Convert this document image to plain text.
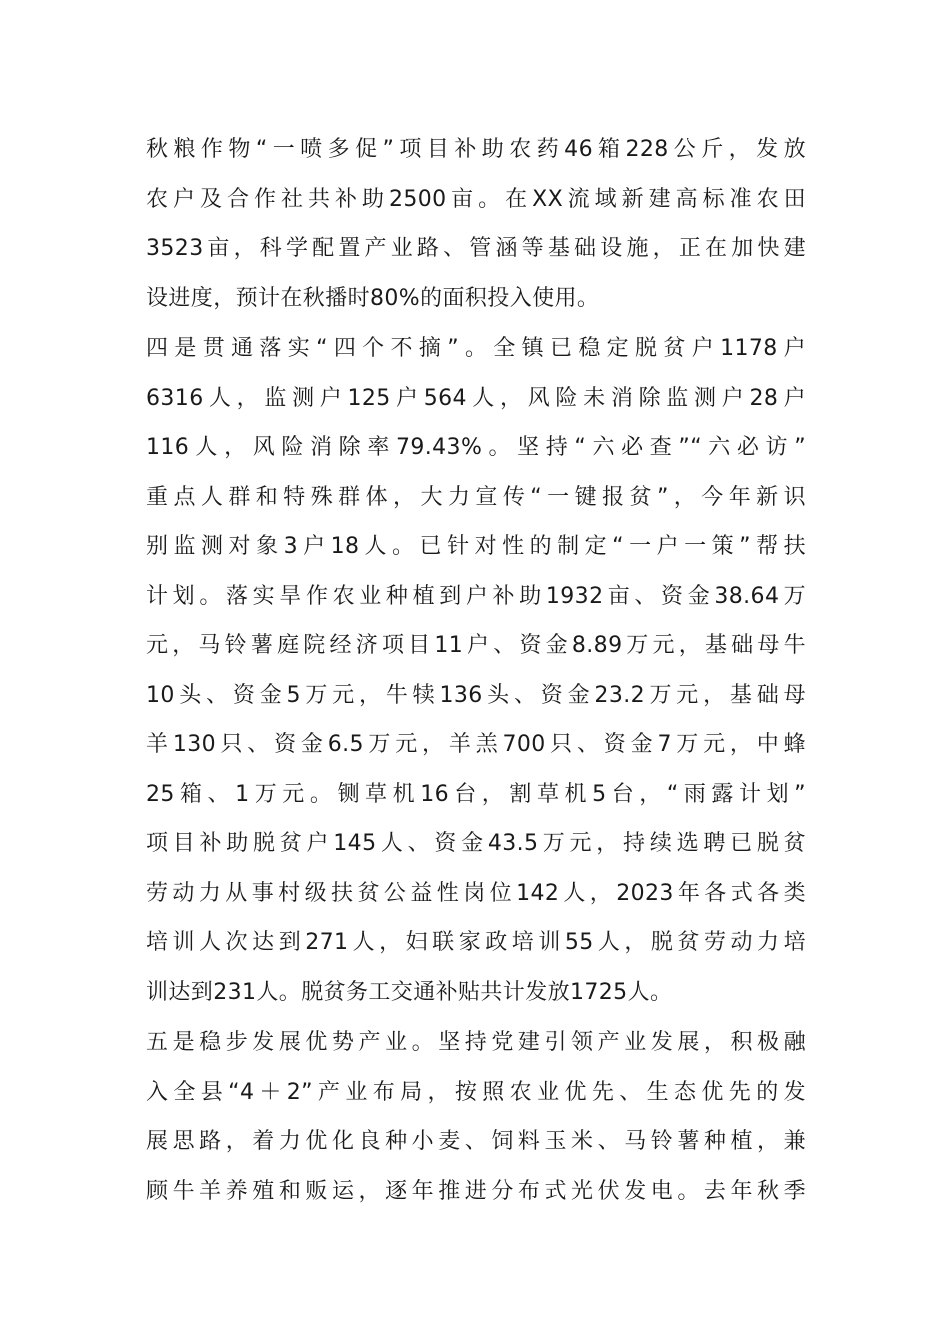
秋粮作物“一喷多促”项目补助农药46箱228公斤，发放
农户及合作社共补助2500亩。在XX流域新建高标准农田
3523亩，科学配置产业路、管涵等基础设施，正在加快建
设进度，预计在秋播时80%的面积投入使用。
四是贯通落实“四个不摘”。全镇已稳定脱贫户1178户
6316人，监测户125户564人，风险未消除监测户28户
116人，风险消除率79.43%。坚持“六必查”“六必访”
重点人群和特殊群体，大力宣传“一键报贫”，今年新识
别监测对象3户18人。已针对性的制定“一户一策”帮扶
计划。落实旱作农业种植到户补助1932亩、资金38.64万
元，马铃薯庭院经济项目11户、资金8.89万元，基础母牛
10头、资金5万元，牛犊136头、资金23.2万元，基础母
羊130只、资金6.5万元，羊羔700只、资金7万元，中蜂
25箱、1万元。铡草机16台，割草机5台，“雨露计划”
项目补助脱贫户145人、资金43.5万元，持续选聘已脱贫
劳动力从事村级扶贫公益性岗位142人，2023年各式各类
培训人次达到271人，妇联家政培训55人，脱贫劳动力培
训达到231人。脱贫务工交通补贴共计发放1725人。
五是稳步发展优势产业。坚持党建引领产业发展，积极融
入全县“4＋2”产业布局，按照农业优先、生态优先的发
展思路，着力优化良种小麦、饲料玉米、马铃薯种植，兼
顾牛羊养殖和贩运，逐年推进分布式光伏发电。去年秋季
